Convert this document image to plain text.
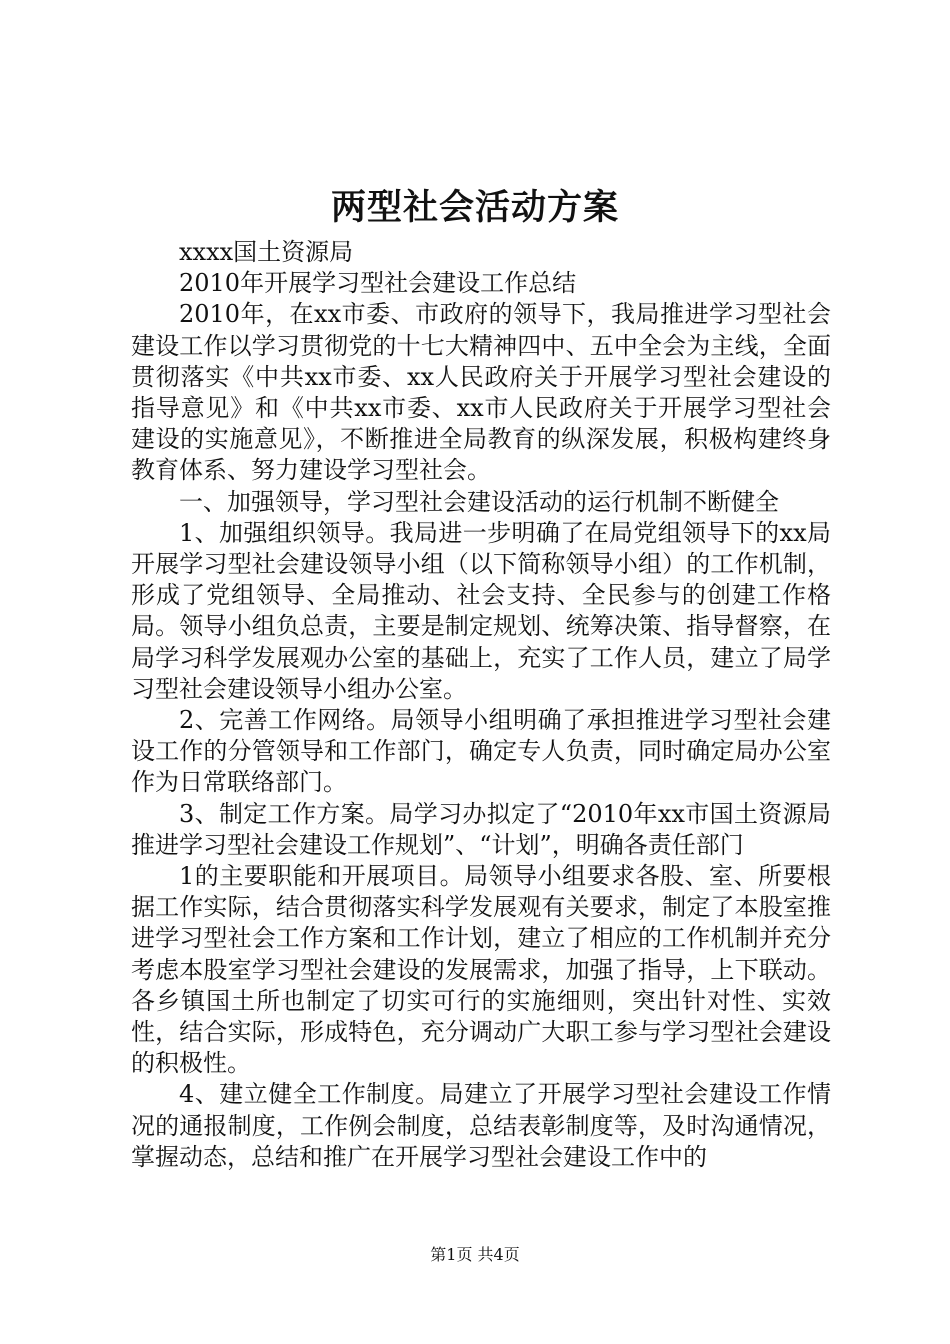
两型社会活动方案

xxxx国土资源局

2010年开展学习型社会建设工作总结

2010年，在xx市委、市政府的领导下，我局推进学习型社会建设工作以学习贯彻党的十七大精神四中、五中全会为主线，全面贯彻落实《中共xx市委、xx人民政府关于开展学习型社会建设的指导意见》和《中共xx市委、xx市人民政府关于开展学习型社会建设的实施意见》，不断推进全局教育的纵深发展，积极构建终身教育体系、努力建设学习型社会。

一、加强领导，学习型社会建设活动的运行机制不断健全

1、加强组织领导。我局进一步明确了在局党组领导下的xx局开展学习型社会建设领导小组（以下简称领导小组）的工作机制，形成了党组领导、全局推动、社会支持、全民参与的创建工作格局。领导小组负总责，主要是制定规划、统筹决策、指导督察，在局学习科学发展观办公室的基础上，充实了工作人员，建立了局学习型社会建设领导小组办公室。

2、完善工作网络。局领导小组明确了承担推进学习型社会建设工作的分管领导和工作部门，确定专人负责，同时确定局办公室作为日常联络部门。

3、制定工作方案。局学习办拟定了“2010年xx市国土资源局推进学习型社会建设工作规划”、“计划”，明确各责任部门

1的主要职能和开展项目。局领导小组要求各股、室、所要根据工作实际，结合贯彻落实科学发展观有关要求，制定了本股室推进学习型社会工作方案和工作计划，建立了相应的工作机制并充分考虑本股室学习型社会建设的发展需求，加强了指导，上下联动。各乡镇国土所也制定了切实可行的实施细则，突出针对性、实效性，结合实际，形成特色，充分调动广大职工参与学习型社会建设的积极性。

4、建立健全工作制度。局建立了开展学习型社会建设工作情况的通报制度，工作例会制度，总结表彰制度等，及时沟通情况，掌握动态，总结和推广在开展学习型社会建设工作中的

第1页 共4页
